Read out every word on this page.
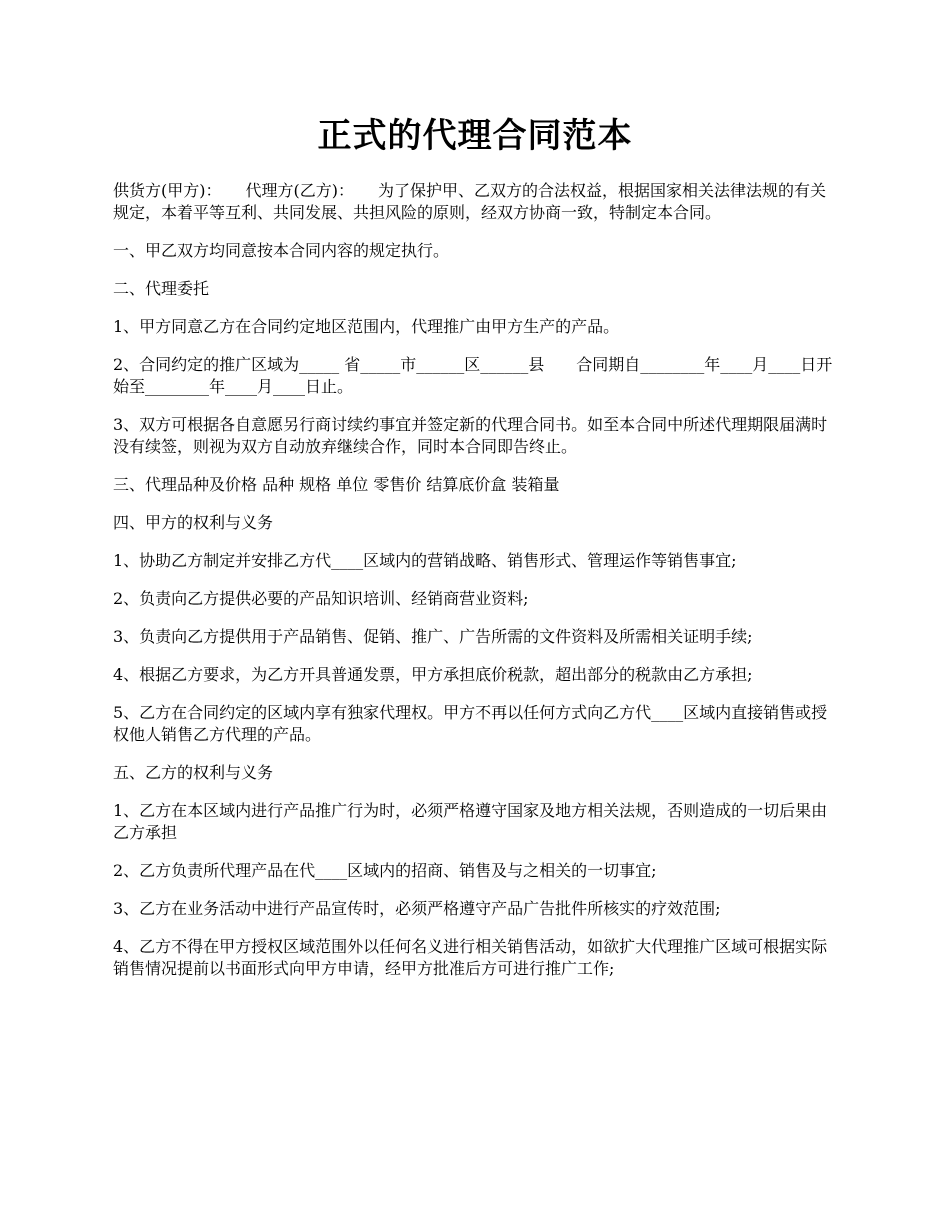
正式的代理合同范本

供货方(甲方)：　　代理方(乙方)：　　为了保护甲、乙双方的合法权益，根据国家相关法律法规的有关规定，本着平等互利、共同发展、共担风险的原则，经双方协商一致，特制定本合同。

一、甲乙双方均同意按本合同内容的规定执行。

二、代理委托

1、甲方同意乙方在合同约定地区范围内，代理推广由甲方生产的产品。

2、合同约定的推广区域为_____ 省_____市______区______县　　合同期自________年____月____日开始至________年____月____日止。

3、双方可根据各自意愿另行商讨续约事宜并签定新的代理合同书。如至本合同中所述代理期限届满时没有续签，则视为双方自动放弃继续合作，同时本合同即告终止。

三、代理品种及价格 品种 规格 单位 零售价 结算底价盒 装箱量

四、甲方的权利与义务

1、协助乙方制定并安排乙方代____区域内的营销战略、销售形式、管理运作等销售事宜;

2、负责向乙方提供必要的产品知识培训、经销商营业资料;

3、负责向乙方提供用于产品销售、促销、推广、广告所需的文件资料及所需相关证明手续;

4、根据乙方要求，为乙方开具普通发票，甲方承担底价税款，超出部分的税款由乙方承担;

5、乙方在合同约定的区域内享有独家代理权。甲方不再以任何方式向乙方代____区域内直接销售或授权他人销售乙方代理的产品。

五、乙方的权利与义务

1、乙方在本区域内进行产品推广行为时，必须严格遵守国家及地方相关法规，否则造成的一切后果由乙方承担

2、乙方负责所代理产品在代____区域内的招商、销售及与之相关的一切事宜;

3、乙方在业务活动中进行产品宣传时，必须严格遵守产品广告批件所核实的疗效范围;

4、乙方不得在甲方授权区域范围外以任何名义进行相关销售活动，如欲扩大代理推广区域可根据实际销售情况提前以书面形式向甲方申请，经甲方批准后方可进行推广工作;
